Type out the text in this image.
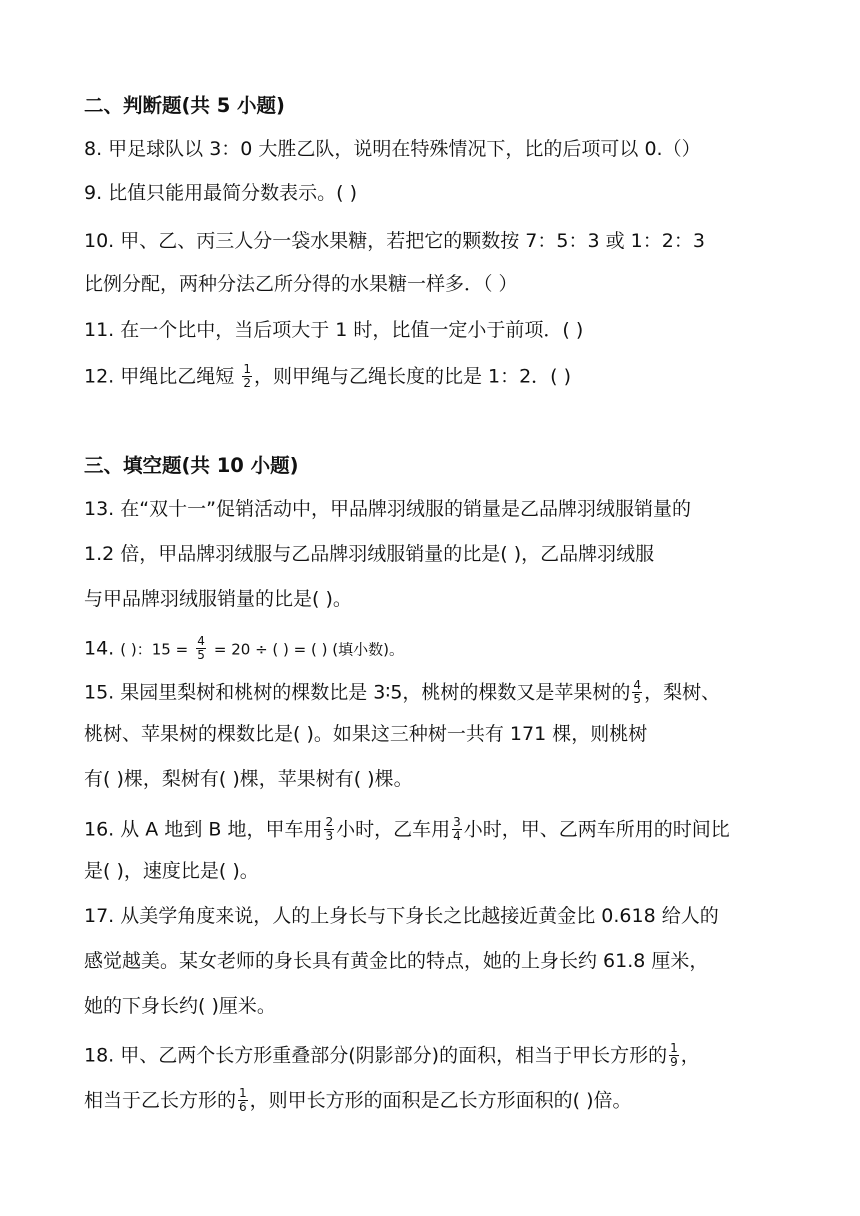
二、判断题(共 5 小题)
8. 甲足球队以 3：0 大胜乙队，说明在特殊情况下，比的后项可以 0.（）
9. 比值只能用最简分数表示。( )
10. 甲、乙、丙三人分一袋水果糖，若把它的颗数按 7：5：3 或 1：2：3
比例分配，两种分法乙所分得的水果糖一样多．（ ）
11. 在一个比中，当后项大于 1 时，比值一定小于前项．( )
12. 甲绳比乙绳短 $\frac{1}{2}$ ，则甲绳与乙绳长度的比是 1：2．( )
三、填空题(共 10 小题)
13. 在“双十一”促销活动中，甲品牌羽绒服的销量是乙品牌羽绒服销量的
1.2 倍，甲品牌羽绒服与乙品牌羽绒服销量的比是( )，乙品牌羽绒服
与甲品牌羽绒服销量的比是( )。
14. ( )：$15 = \frac{4}{5} = 20$ ÷ ( ) = ( ) (填小数)。
15. 果园里梨树和桃树的棵数比是 3∶5，桃树的棵数又是苹果树的 $\frac{4}{5}$ ，梨树、
桃树、苹果树的棵数比是( )。如果这三种树一共有 171 棵，则桃树
有( )棵，梨树有( )棵，苹果树有( )棵。
16. 从 A 地到 B 地，甲车用 $\frac{2}{3}$ 小时，乙车用 $\frac{3}{4}$ 小时，甲、乙两车所用的时间比
是( )，速度比是( )。
17. 从美学角度来说，人的上身长与下身长之比越接近黄金比 0.618 给人的
感觉越美。某女老师的身长具有黄金比的特点，她的上身长约 61.8 厘米，
她的下身长约( )厘米。
18. 甲、乙两个长方形重叠部分(阴影部分)的面积，相当于甲长方形的 $\frac{1}{9}$ ，
相当于乙长方形的 $\frac{1}{6}$ ，则甲长方形的面积是乙长方形面积的( )倍。
